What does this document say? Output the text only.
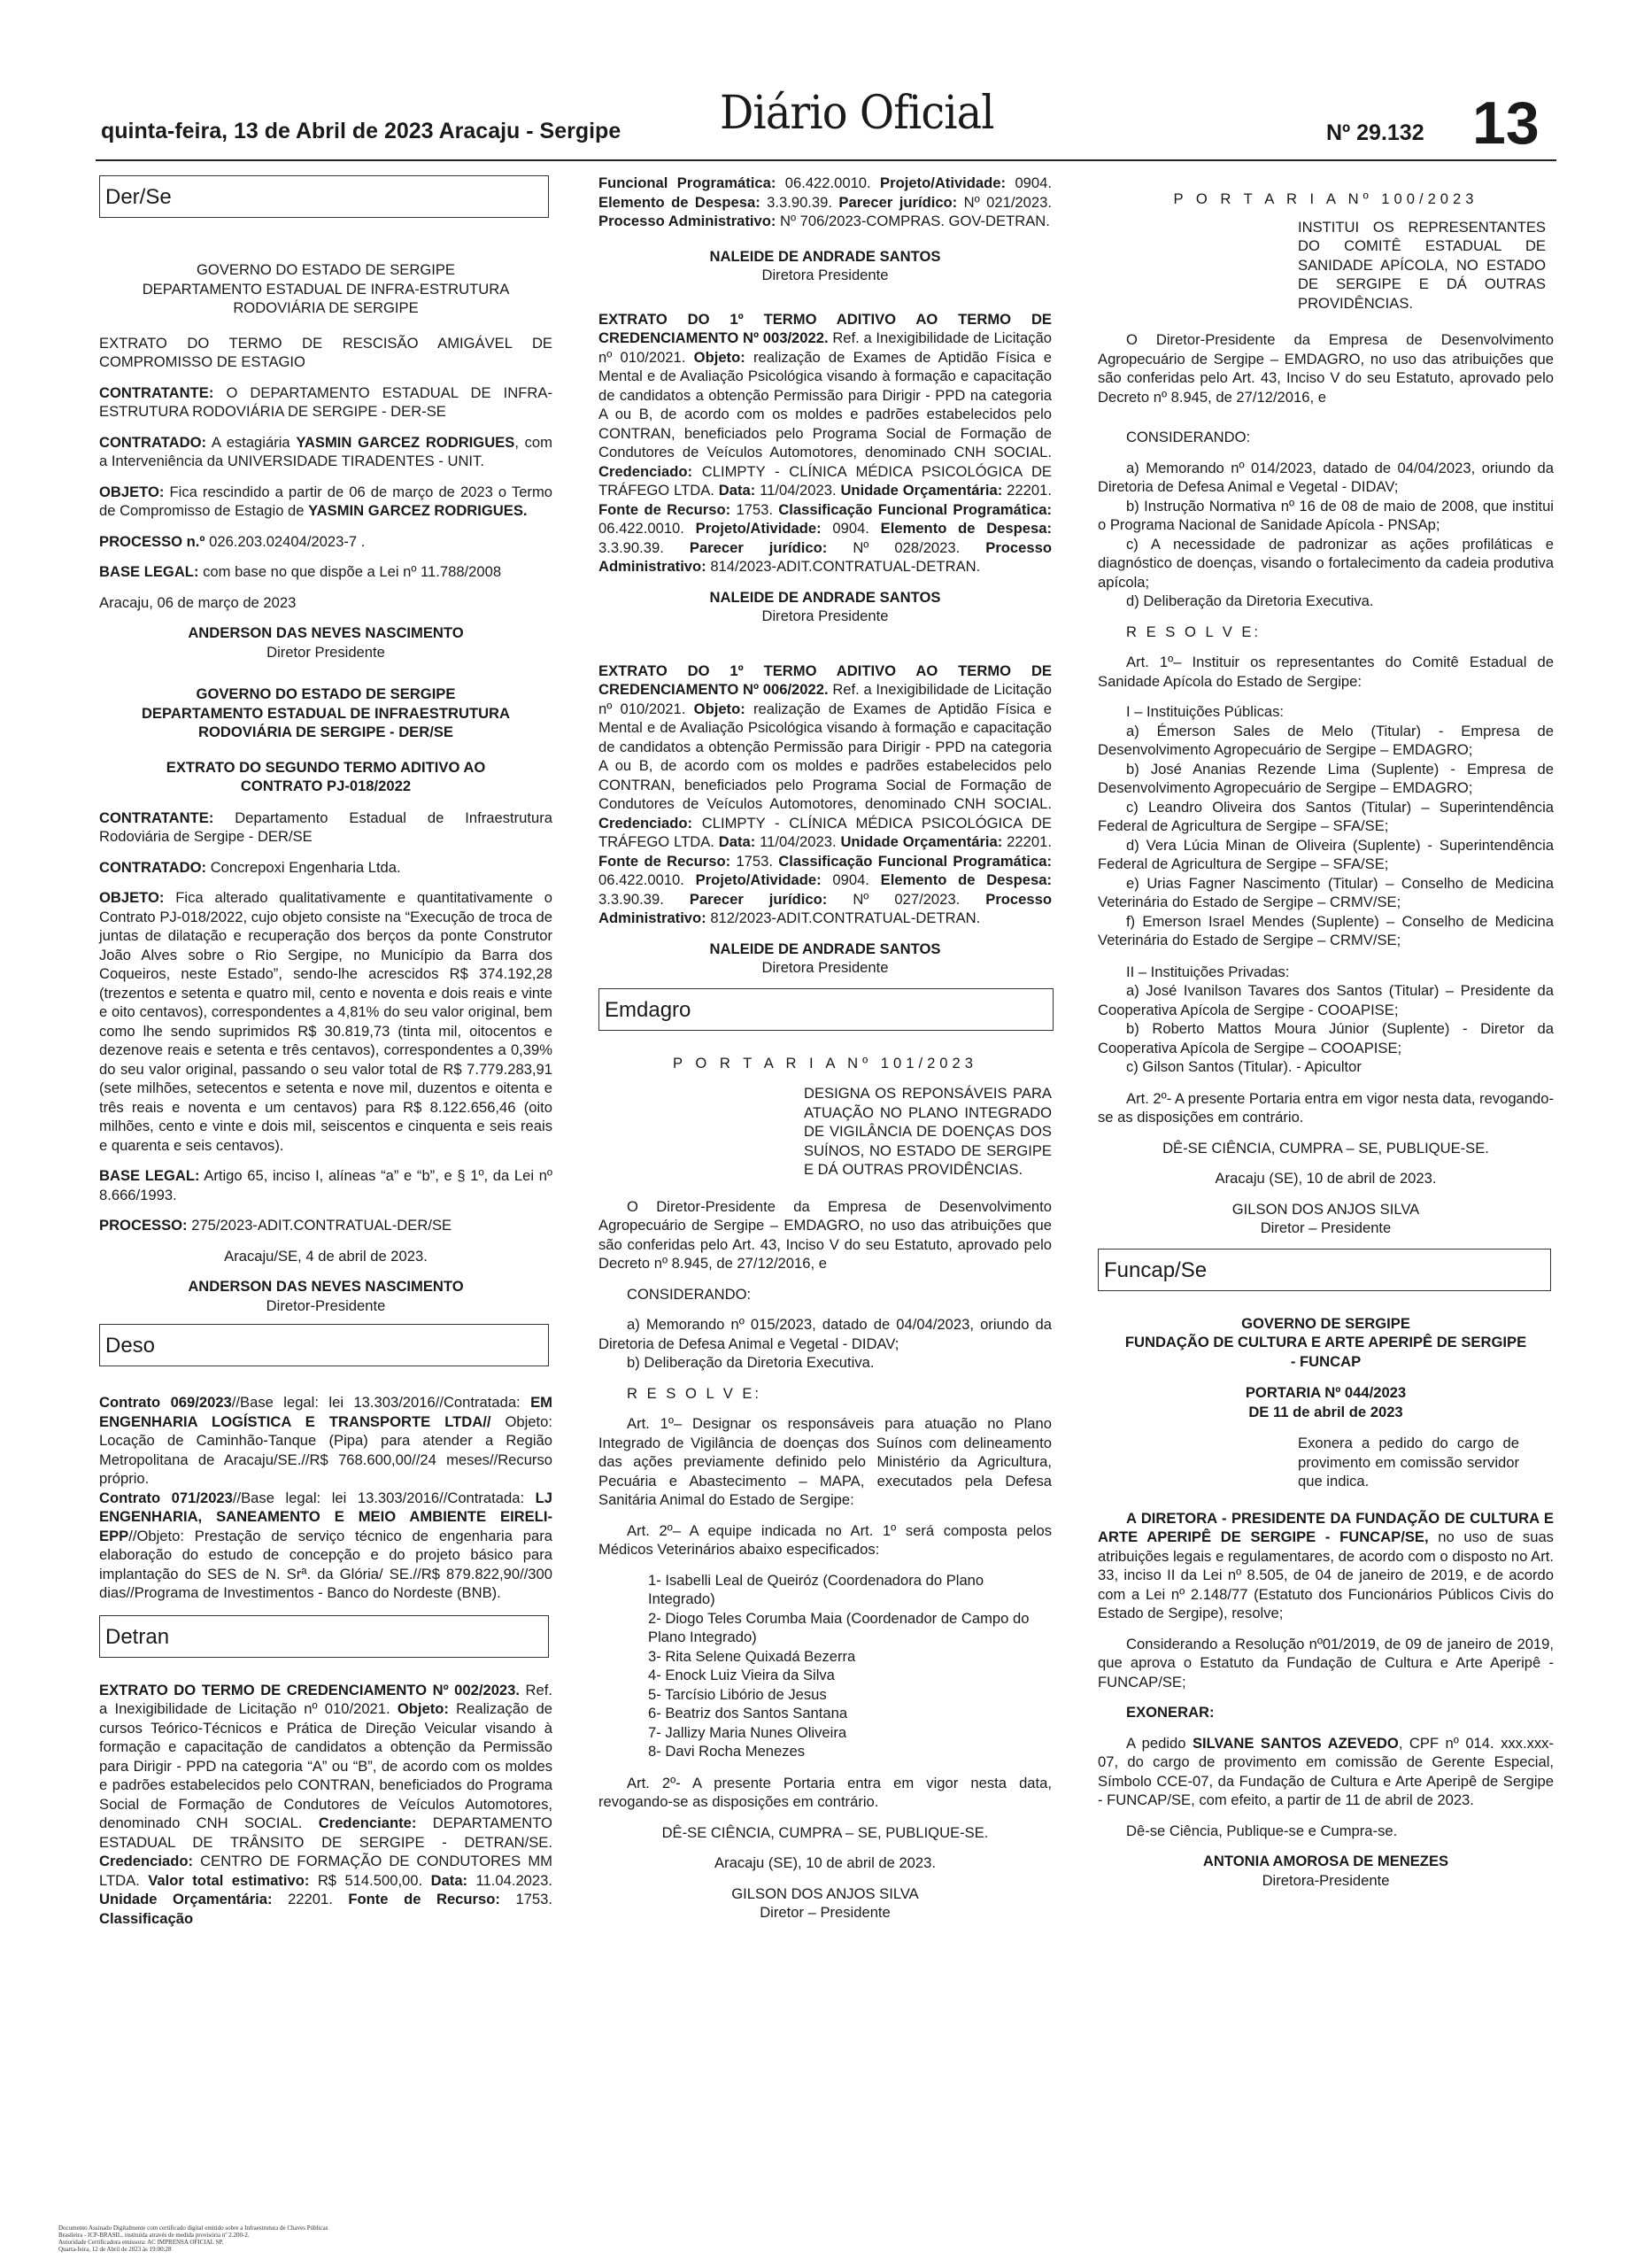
quinta-feira, 13 de Abril de 2023 Aracaju - Sergipe Diário Oficial	Nº 29.132 13
Der/Se
GOVERNO DO ESTADO DE SERGIPE
DEPARTAMENTO ESTADUAL DE INFRA-ESTRUTURA
RODOVIÁRIA DE SERGIPE

EXTRATO DO TERMO DE RESCISÃO AMIGÁVEL DE COMPROMISSO DE ESTAGIO

CONTRATANTE: O DEPARTAMENTO ESTADUAL DE INFRA-ESTRUTURA RODOVIÁRIA DE SERGIPE - DER-SE

CONTRATADO: A estagiária YASMIN GARCEZ RODRIGUES, com a Interveniência da UNIVERSIDADE TIRADENTES - UNIT.

OBJETO: Fica rescindido a partir de 06 de março de 2023 o Termo de Compromisso de Estagio de YASMIN GARCEZ RODRIGUES.

PROCESSO n.º 026.203.02404/2023-7 .

BASE LEGAL: com base no que dispõe a Lei nº 11.788/2008

Aracaju, 06 de março de 2023

ANDERSON DAS NEVES NASCIMENTO
Diretor Presidente
GOVERNO DO ESTADO DE SERGIPE
DEPARTAMENTO ESTADUAL DE INFRAESTRUTURA
RODOVIÁRIA DE SERGIPE - DER/SE
EXTRATO DO SEGUNDO TERMO ADITIVO AO
CONTRATO PJ-018/2022

CONTRATANTE: Departamento Estadual de Infraestrutura Rodoviária de Sergipe - DER/SE

CONTRATADO: Concrepoxi Engenharia Ltda.

OBJETO: Fica alterado qualitativamente e quantitativamente o Contrato PJ-018/2022, cujo objeto consiste na “Execução de troca de juntas de dilatação e recuperação dos berços da ponte Construtor João Alves sobre o Rio Sergipe, no Município da Barra dos Coqueiros, neste Estado”, sendo-lhe acrescidos R$ 374.192,28 (trezentos e setenta e quatro mil, cento e noventa e dois reais e vinte e oito centavos), correspondentes a 4,81% do seu valor original, bem como lhe sendo suprimidos R$ 30.819,73 (tinta mil, oitocentos e dezenove reais e setenta e três centavos), correspondentes a 0,39% do seu valor original, passando o seu valor total de R$ 7.779.283,91 (sete milhões, setecentos e setenta e nove mil, duzentos e oitenta e três reais e noventa e um centavos) para R$ 8.122.656,46 (oito milhões, cento e vinte e dois mil, seiscentos e cinquenta e seis reais e quarenta e seis centavos).

BASE LEGAL: Artigo 65, inciso I, alíneas “a” e “b”, e § 1º, da Lei nº 8.666/1993.

PROCESSO: 275/2023-ADIT.CONTRATUAL-DER/SE

Aracaju/SE, 4 de abril de 2023.

ANDERSON DAS NEVES NASCIMENTO
Diretor-Presidente
Deso

Contrato 069/2023//Base legal: lei 13.303/2016//Contratada: EM ENGENHARIA LOGÍSTICA E TRANSPORTE LTDA// Objeto: Locação de Caminhão-Tanque (Pipa) para atender a Região Metropolitana de Aracaju/SE.//R$ 768.600,00//24 meses//Recurso próprio.

Contrato 071/2023//Base legal: lei 13.303/2016//Contratada: LJ ENGENHARIA, SANEAMENTO E MEIO AMBIENTE EIRELI-EPP//Objeto: Prestação de serviço técnico de engenharia para elaboração do estudo de concepção e do projeto básico para implantação do SES de N. Srª. da Glória/ SE.//R$ 879.822,90//300 dias//Programa de Investimentos - Banco do Nordeste (BNB).

Detran

EXTRATO DO TERMO DE CREDENCIAMENTO Nº 002/2023. Ref. a Inexigibilidade de Licitação nº 010/2021. Objeto: Realização de cursos Teórico-Técnicos e Prática de Direção Veicular visando à formação e capacitação de candidatos a obtenção da Permissão para Dirigir - PPD na categoria “A” ou “B”, de acordo com os moldes e padrões estabelecidos pelo CONTRAN, beneficiados do Programa Social de Formação de Condutores de Veículos Automotores, denominado CNH SOCIAL. Credenciante: DEPARTAMENTO ESTADUAL DE TRÂNSITO DE SERGIPE - DETRAN/SE. Credenciado: CENTRO DE FORMAÇÃO DE CONDUTORES MM LTDA. Valor total estimativo: R$ 514.500,00. Data: 11.04.2023. Unidade Orçamentária: 22201. Fonte de Recurso: 1753. Classificação

Funcional Programática: 06.422.0010. Projeto/Atividade: 0904. Elemento de Despesa: 3.3.90.39. Parecer jurídico: Nº 021/2023. Processo Administrativo: Nº 706/2023-COMPRAS. GOV-DETRAN.

NALEIDE DE ANDRADE SANTOS
Diretora Presidente

EXTRATO DO 1º TERMO ADITIVO AO TERMO DE CREDENCIAMENTO Nº 003/2022. Ref. a Inexigibilidade de Licitação nº 010/2021. Objeto: realização de Exames de Aptidão Física e Mental e de Avaliação Psicológica visando à formação e capacitação de candidatos a obtenção Permissão para Dirigir - PPD na categoria A ou B, de acordo com os moldes e padrões estabelecidos pelo CONTRAN, beneficiados pelo Programa Social de Formação de Condutores de Veículos Automotores, denominado CNH SOCIAL. Credenciado: CLIMPTY - CLÍNICA MÉDICA PSICOLÓGICA DE TRÁFEGO LTDA. Data: 11/04/2023. Unidade Orçamentária: 22201. Fonte de Recurso: 1753. Classificação Funcional Programática: 06.422.0010. Projeto/Atividade: 0904. Elemento de Despesa: 3.3.90.39. Parecer jurídico: Nº 028/2023. Processo Administrativo: 814/2023-ADIT.CONTRATUAL-DETRAN.

NALEIDE DE ANDRADE SANTOS
Diretora Presidente

EXTRATO DO 1º TERMO ADITIVO AO TERMO DE CREDENCIAMENTO Nº 006/2022. Ref. a Inexigibilidade de Licitação nº 010/2021. Objeto: realização de Exames de Aptidão Física e Mental e de Avaliação Psicológica visando à formação e capacitação de candidatos a obtenção Permissão para Dirigir - PPD na categoria A ou B, de acordo com os moldes e padrões estabelecidos pelo CONTRAN, beneficiados pelo Programa Social de Formação de Condutores de Veículos Automotores, denominado CNH SOCIAL. Credenciado: CLIMPTY - CLÍNICA MÉDICA PSICOLÓGICA DE TRÁFEGO LTDA. Data: 11/04/2023. Unidade Orçamentária: 22201. Fonte de Recurso: 1753. Classificação Funcional Programática: 06.422.0010. Projeto/Atividade: 0904. Elemento de Despesa: 3.3.90.39. Parecer jurídico: Nº 027/2023. Processo Administrativo: 812/2023-ADIT.CONTRATUAL-DETRAN.

NALEIDE DE ANDRADE SANTOS
Diretora Presidente
Emdagro

P O R T A R I A Nº 101/2023

DESIGNA OS REPONSÁVEIS PARA ATUAÇÃO NO PLANO INTEGRADO DE VIGILÂNCIA DE DOENÇAS DOS SUÍNOS, NO ESTADO DE SERGIPE E DÁ OUTRAS PROVIDÊNCIAS.

O Diretor-Presidente da Empresa de Desenvolvimento Agropecuário de Sergipe – EMDAGRO, no uso das atribuições que são conferidas pelo Art. 43, Inciso V do seu Estatuto, aprovado pelo Decreto nº 8.945, de 27/12/2016, e

CONSIDERANDO:

a) Memorando nº 015/2023, datado de 04/04/2023, oriundo da Diretoria de Defesa Animal e Vegetal - DIDAV;

b) Deliberação da Diretoria Executiva.

R E S O L V E:

Art. 1º– Designar os responsáveis para atuação no Plano Integrado de Vigilância de doenças dos Suínos com delineamento das ações previamente definido pelo Ministério da Agricultura, Pecuária e Abastecimento – MAPA, executados pela Defesa Sanitária Animal do Estado de Sergipe:

Art. 2º– A equipe indicada no Art. 1º será composta pelos Médicos Veterinários abaixo especificados:

1- Isabelli Leal de Queiróz (Coordenadora do Plano Integrado)
2- Diogo Teles Corumba Maia (Coordenador de Campo do Plano Integrado)
3- Rita Selene Quixadá Bezerra
4- Enock Luiz Vieira da Silva
5- Tarcísio Libório de Jesus
6- Beatriz dos Santos Santana
7- Jallizy Maria Nunes Oliveira
8- Davi Rocha Menezes

Art. 2º- A presente Portaria entra em vigor nesta data, revogando-se as disposições em contrário.

DÊ-SE CIÊNCIA, CUMPRA – SE, PUBLIQUE-SE.

Aracaju (SE), 10 de abril de 2023.

GILSON DOS ANJOS SILVA
Diretor – Presidente

P O R T A R I A Nº 100/2023

INSTITUI OS REPRESENTANTES DO COMITÊ ESTADUAL DE SANIDADE APÍCOLA, NO ESTADO DE SERGIPE E DÁ OUTRAS PROVIDÊNCIAS.

O Diretor-Presidente da Empresa de Desenvolvimento Agropecuário de Sergipe – EMDAGRO, no uso das atribuições que são conferidas pelo Art. 43, Inciso V do seu Estatuto, aprovado pelo Decreto nº 8.945, de 27/12/2016, e

CONSIDERANDO:

a) Memorando nº 014/2023, datado de 04/04/2023, oriundo da Diretoria de Defesa Animal e Vegetal - DIDAV;

b) Instrução Normativa nº 16 de 08 de maio de 2008, que institui o Programa Nacional de Sanidade Apícola - PNSAp;

c) A necessidade de padronizar as ações profiláticas e diagnóstico de doenças, visando o fortalecimento da cadeia produtiva apícola;

d) Deliberação da Diretoria Executiva.

R E S O L V E:

Art. 1º– Instituir os representantes do Comitê Estadual de Sanidade Apícola do Estado de Sergipe:

I – Instituições Públicas:

a) Émerson Sales de Melo (Titular) - Empresa de Desenvolvimento Agropecuário de Sergipe – EMDAGRO;
b) José Ananias Rezende Lima (Suplente) - Empresa de Desenvolvimento Agropecuário de Sergipe – EMDAGRO;
c) Leandro Oliveira dos Santos (Titular) – Superintendência Federal de Agricultura de Sergipe – SFA/SE;
d) Vera Lúcia Minan de Oliveira (Suplente) - Superintendência Federal de Agricultura de Sergipe – SFA/SE;
e) Urias Fagner Nascimento (Titular) – Conselho de Medicina Veterinária do Estado de Sergipe – CRMV/SE;
f) Emerson Israel Mendes (Suplente) – Conselho de Medicina Veterinária do Estado de Sergipe – CRMV/SE;

II – Instituições Privadas:

a) José Ivanilson Tavares dos Santos (Titular) – Presidente da Cooperativa Apícola de Sergipe - COOAPISE;
b) Roberto Mattos Moura Júnior (Suplente) - Diretor da Cooperativa Apícola de Sergipe – COOAPISE;
c) Gilson Santos (Titular). - Apicultor

Art. 2º- A presente Portaria entra em vigor nesta data, revogando-se as disposições em contrário.

DÊ-SE CIÊNCIA, CUMPRA – SE, PUBLIQUE-SE.

Aracaju (SE), 10 de abril de 2023.

GILSON DOS ANJOS SILVA
Diretor – Presidente
Funcap/Se
GOVERNO DE SERGIPE
FUNDAÇÃO DE CULTURA E ARTE APERIPÊ DE SERGIPE
- FUNCAP
PORTARIA Nº 044/2023
DE 11 de abril de 2023
Exonera a pedido do cargo de provimento em comissão servidor que indica.

A DIRETORA - PRESIDENTE DA FUNDAÇÃO DE CULTURA E ARTE APERIPÊ DE SERGIPE - FUNCAP/SE, no uso de suas atribuições legais e regulamentares, de acordo com o disposto no Art. 33, inciso II da Lei nº 8.505, de 04 de janeiro de 2019, e de acordo com a Lei nº 2.148/77 (Estatuto dos Funcionários Públicos Civis do Estado de Sergipe), resolve;

Considerando a Resolução nº01/2019, de 09 de janeiro de 2019, que aprova o Estatuto da Fundação de Cultura e Arte Aperipê - FUNCAP/SE;

EXONERAR:

A pedido SILVANE SANTOS AZEVEDO, CPF nº 014. xxx.xxx-07, do cargo de provimento em comissão de Gerente Especial, Símbolo CCE-07, da Fundação de Cultura e Arte Aperipê de Sergipe - FUNCAP/SE, com efeito, a partir de 11 de abril de 2023.

Dê-se Ciência, Publique-se e Cumpra-se.

ANTONIA AMOROSA DE MENEZES
Diretora-Presidente
Documento Assinado Digitalmente com certificado digital emitido sobre a Infraestrutura de Chaves Públicas
Brasileira - ICP-BRASIL, instituída através de medida provisória nº 2.200-2.
Autoridade Certificadora emissora: AC IMPRENSA OFICIAL SP.
Quarta-feira, 12 de Abril de 2023 às 19:00:28
